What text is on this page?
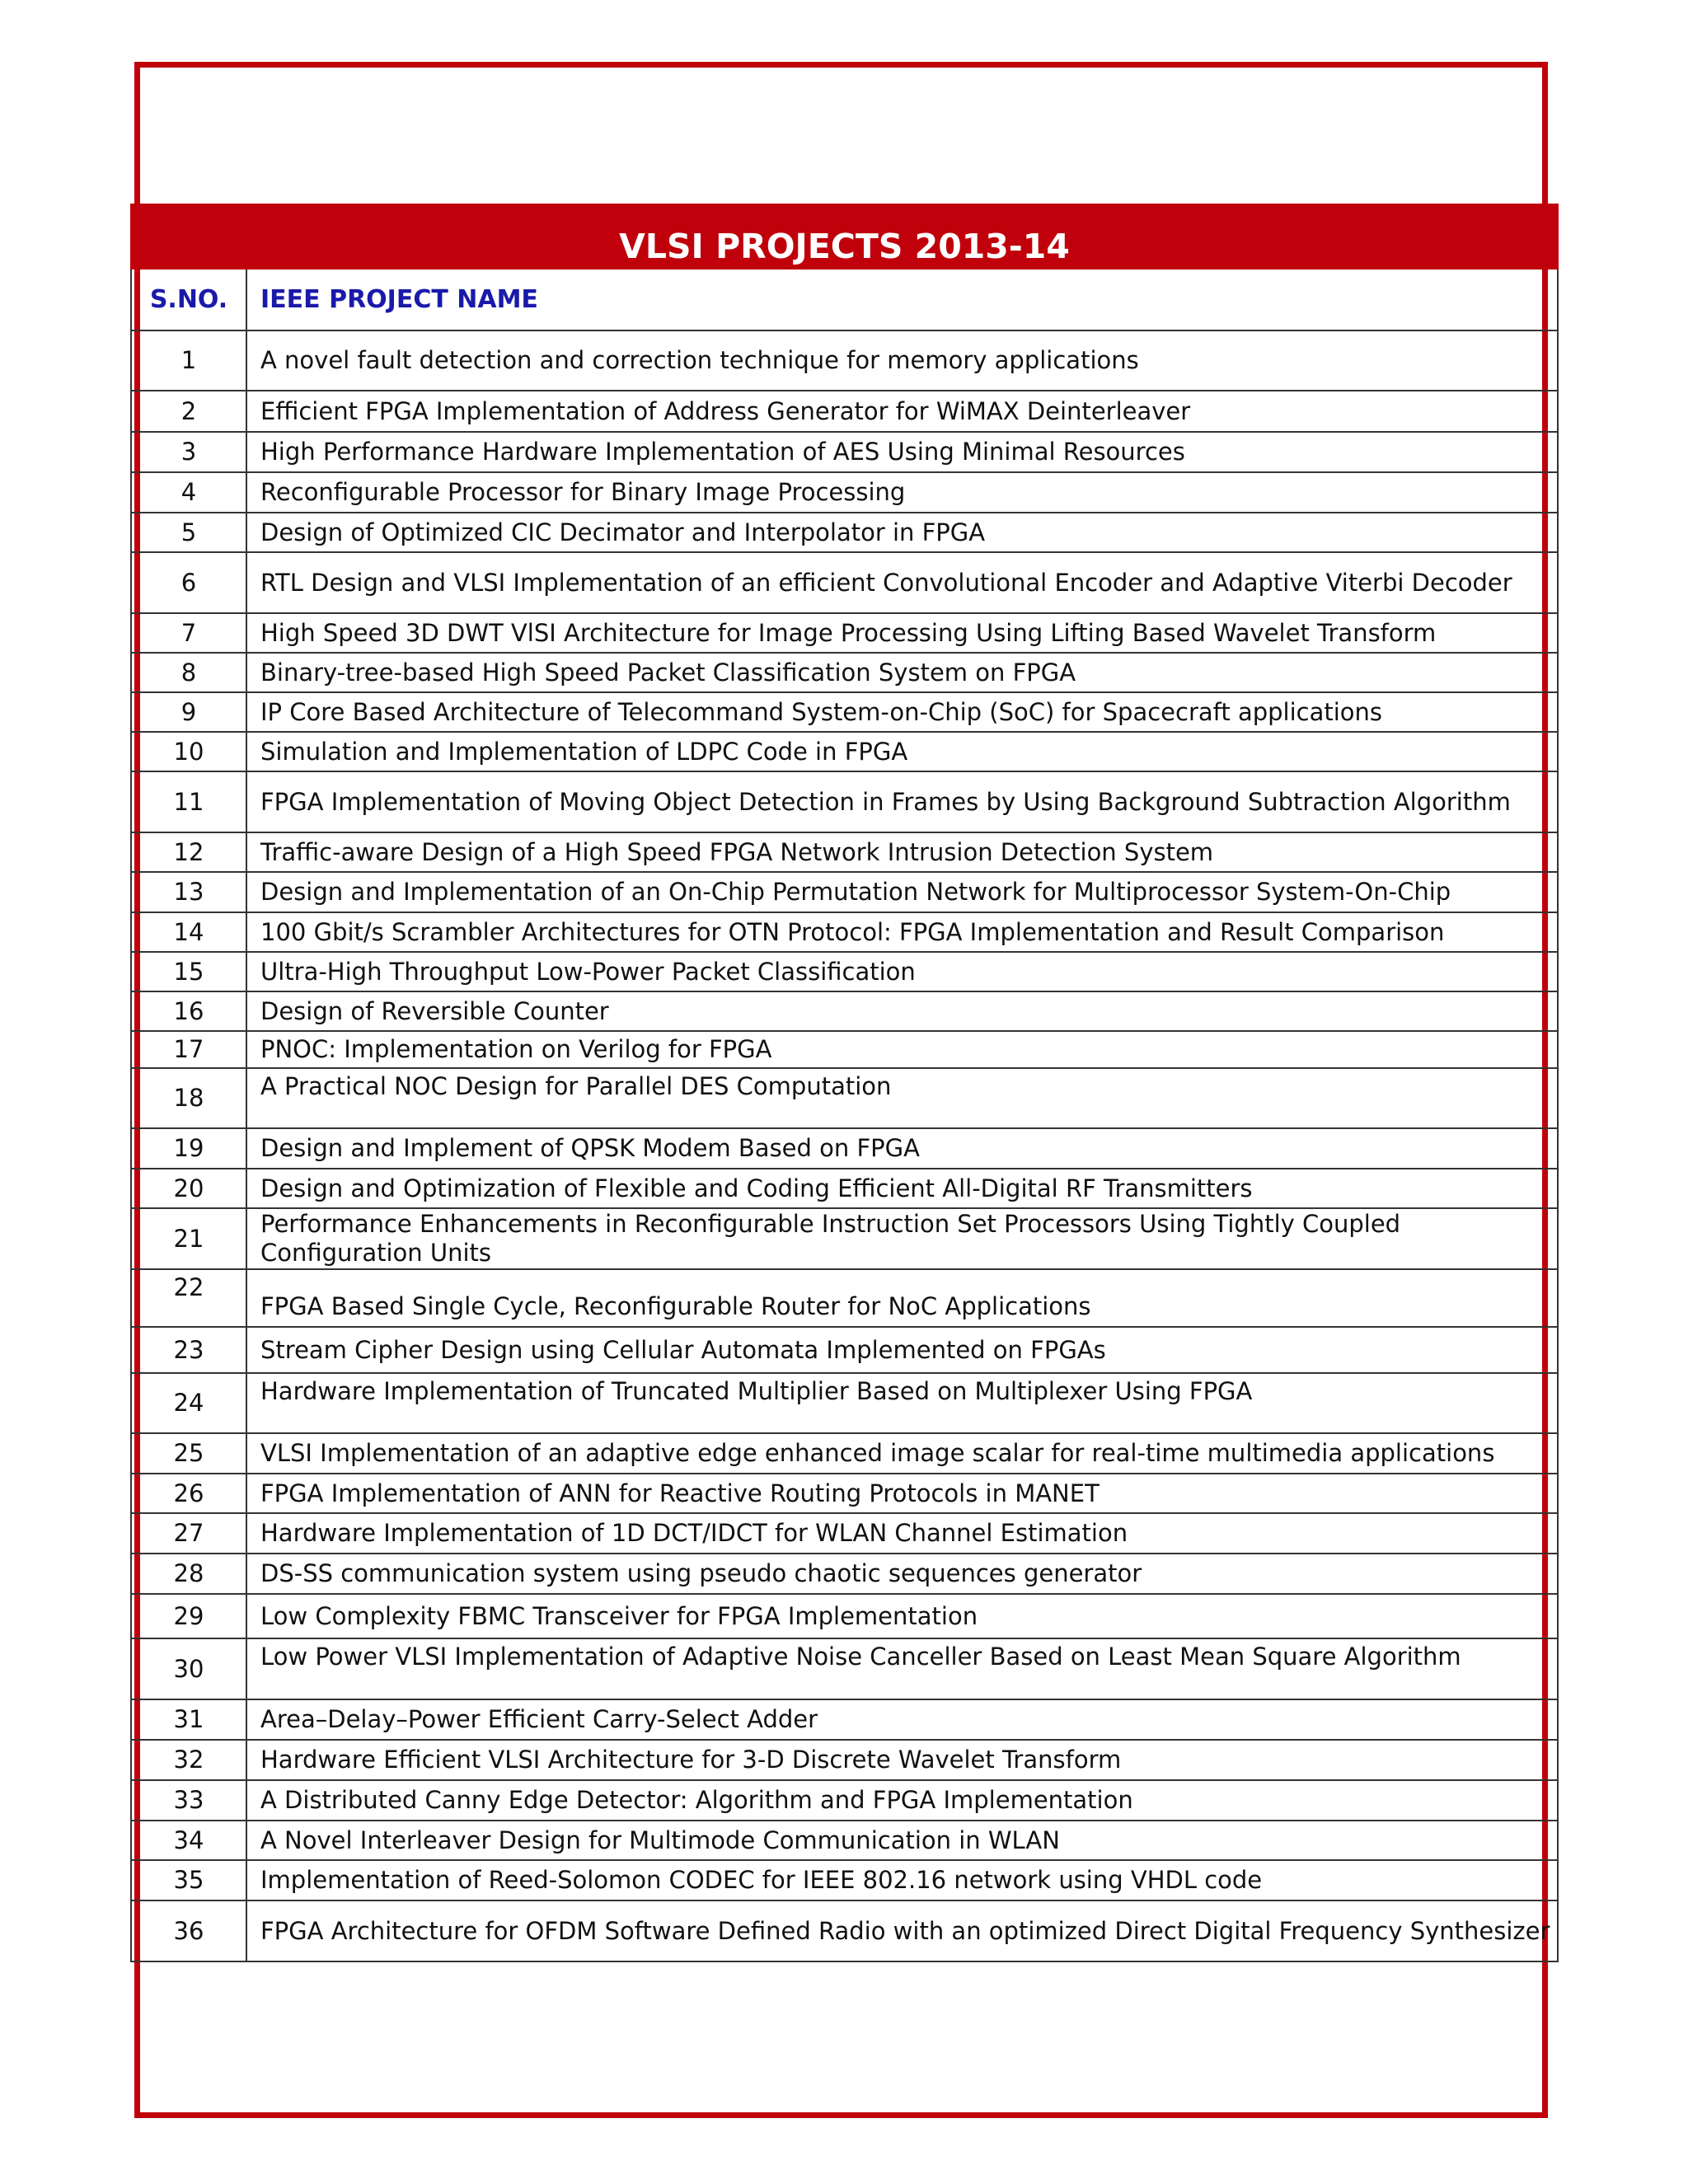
VLSI PROJECTS 2013-14	
S.NO.	IEEE PROJECT NAME
1	A novel fault detection and correction technique for memory applications
2	Efficient FPGA Implementation of Address Generator for WiMAX Deinterleaver
3	High Performance Hardware Implementation of AES Using Minimal Resources
4	Reconfigurable Processor for Binary Image Processing
5	Design of Optimized CIC Decimator and Interpolator in FPGA
6	RTL Design and VLSI Implementation of an efficient Convolutional Encoder and Adaptive Viterbi Decoder
7	High Speed 3D DWT VlSI Architecture for Image Processing Using Lifting Based Wavelet Transform
8	Binary-tree-based High Speed Packet Classification System on FPGA
9	IP Core Based Architecture of Telecommand System-on-Chip (SoC) for Spacecraft applications
10	Simulation and Implementation of LDPC Code in FPGA
11	FPGA Implementation of Moving Object Detection in Frames by Using Background Subtraction Algorithm
12	Traffic-aware Design of a High Speed FPGA Network Intrusion Detection System
13	Design and Implementation of an On-Chip Permutation Network for Multiprocessor System-On-Chip
14	100 Gbit/s Scrambler Architectures for OTN Protocol: FPGA Implementation and Result Comparison
15	Ultra-High Throughput Low-Power Packet Classification
16	Design of Reversible Counter
17	PNOC: Implementation on Verilog for FPGA
18	A Practical NOC Design for Parallel DES Computation
19	Design and Implement of QPSK Modem Based on FPGA
20	Design and Optimization of Flexible and Coding Efficient All-Digital RF Transmitters
21	Performance Enhancements in Reconfigurable Instruction Set Processors Using Tightly Coupled Configuration Units
22	FPGA Based Single Cycle, Reconfigurable Router for NoC Applications
23	Stream Cipher Design using Cellular Automata Implemented on FPGAs
24	Hardware Implementation of Truncated Multiplier Based on Multiplexer Using FPGA
25	VLSI Implementation of an adaptive edge enhanced image scalar for real-time multimedia applications
26	FPGA Implementation of ANN for Reactive Routing Protocols in MANET
27	Hardware Implementation of 1D DCT/IDCT for WLAN Channel Estimation
28	DS-SS communication system using pseudo chaotic sequences generator
29	Low Complexity FBMC Transceiver for FPGA Implementation
30	Low Power VLSI Implementation of Adaptive Noise Canceller Based on Least Mean Square Algorithm
31	Area–Delay–Power Efficient Carry-Select Adder
32	Hardware Efficient VLSI Architecture for 3-D Discrete Wavelet Transform
33	A Distributed Canny Edge Detector: Algorithm and FPGA Implementation
34	A Novel Interleaver Design for Multimode Communication in WLAN
35	Implementation of Reed-Solomon CODEC for IEEE 802.16 network using VHDL code
36	FPGA Architecture for OFDM Software Defined Radio with an optimized Direct Digital Frequency Synthesizer
